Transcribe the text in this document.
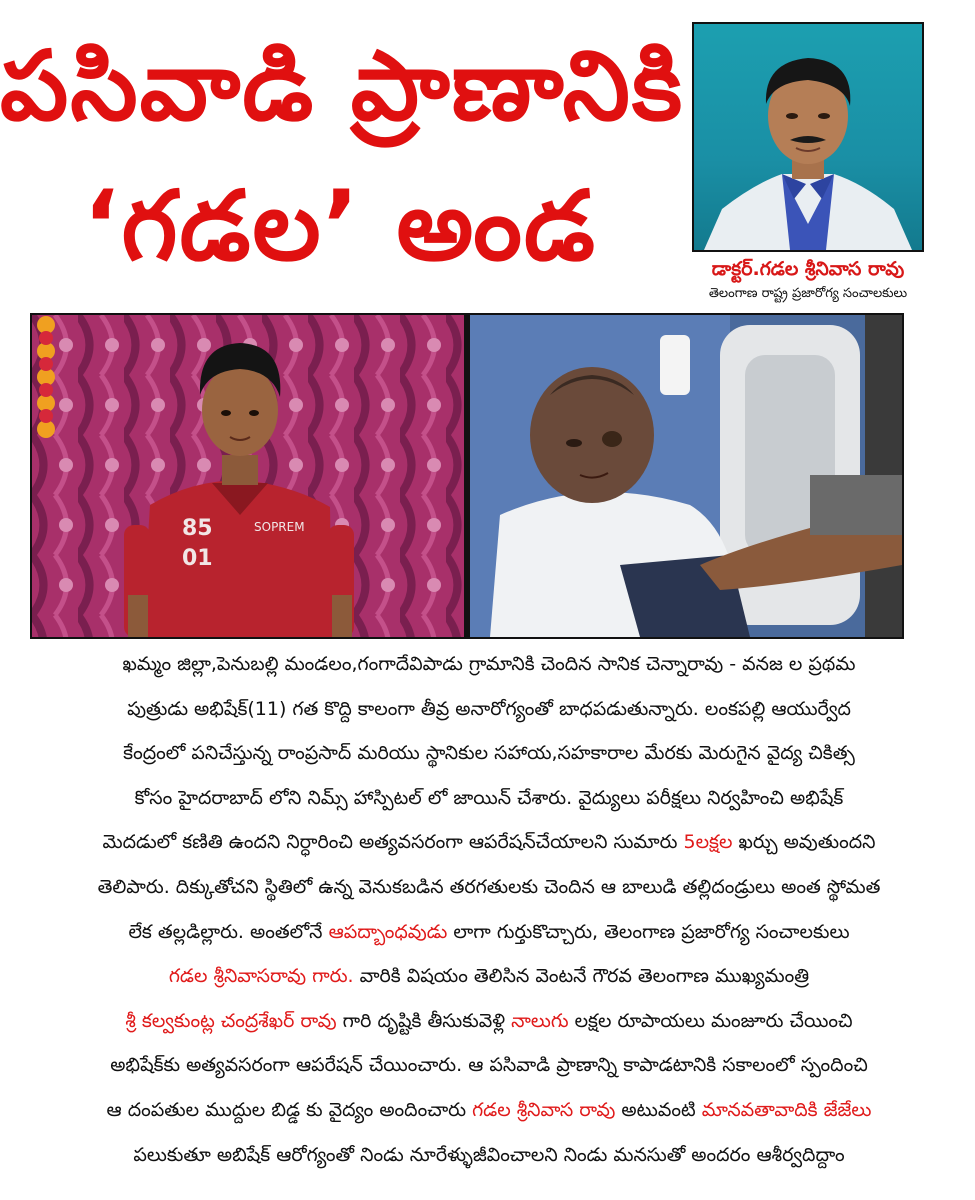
పసివాడి ప్రాణానికి
‘గడల’ అండ	డాక్టర్.గడల శ్రీనివాస రావు
తెలంగాణ రాష్ట్ర ప్రజారోగ్య సంచాలకులు
85
01
SOPREM
ఖమ్మం జిల్లా,పెనుబల్లి మండలం,గంగాదేవిపాడు గ్రామానికి చెందిన సానిక చెన్నారావు - వనజ ల ప్రథమ
పుత్రుడు అభిషేక్(11) గత కొద్ది కాలంగా తీవ్ర అనారోగ్యంతో బాధపడుతున్నారు. లంకపల్లి ఆయుర్వేద
కేంద్రంలో పనిచేస్తున్న రాంప్రసాద్ మరియు స్థానికుల సహాయ,సహకారాల మేరకు మెరుగైన వైద్య చికిత్స
కోసం హైదరాబాద్ లోని నిమ్స్ హాస్పిటల్ లో జాయిన్ చేశారు. వైద్యులు పరీక్షలు నిర్వహించి అభిషేక్
మెదడులో కణితి ఉందని నిర్ధారించి అత్యవసరంగా ఆపరేషన్‌చేయాలని సుమారు 5లక్షల ఖర్చు అవుతుందని
తెలిపారు. దిక్కుతోచని స్థితిలో ఉన్న వెనుకబడిన తరగతులకు చెందిన ఆ బాలుడి తల్లిదండ్రులు అంత స్థోమత
లేక తల్లడిల్లారు. అంతలోనే ఆపద్బాంధవుడు లాగా గుర్తుకొచ్చారు, తెలంగాణ ప్రజారోగ్య సంచాలకులు
గడల శ్రీనివాసరావు గారు. వారికి విషయం తెలిసిన వెంటనే గౌరవ తెలంగాణ ముఖ్యమంత్రి
శ్రీ కల్వకుంట్ల చంద్రశేఖర్ రావు గారి దృష్టికి తీసుకువెళ్లి నాలుగు లక్షల రూపాయలు మంజూరు చేయించి
అభిషేక్‌కు అత్యవసరంగా ఆపరేషన్ చేయించారు. ఆ పసివాడి ప్రాణాన్ని కాపాడటానికి సకాలంలో స్పందించి
ఆ దంపతుల ముద్దుల బిడ్డ కు వైద్యం అందించారు గడల శ్రీనివాస రావు అటువంటి మానవతావాదికి జేజేలు
పలుకుతూ అబిషేక్ ఆరోగ్యంతో నిండు నూరేళ్ళుజీవించాలని నిండు మనసుతో అందరం ఆశీర్వదిద్దాం
